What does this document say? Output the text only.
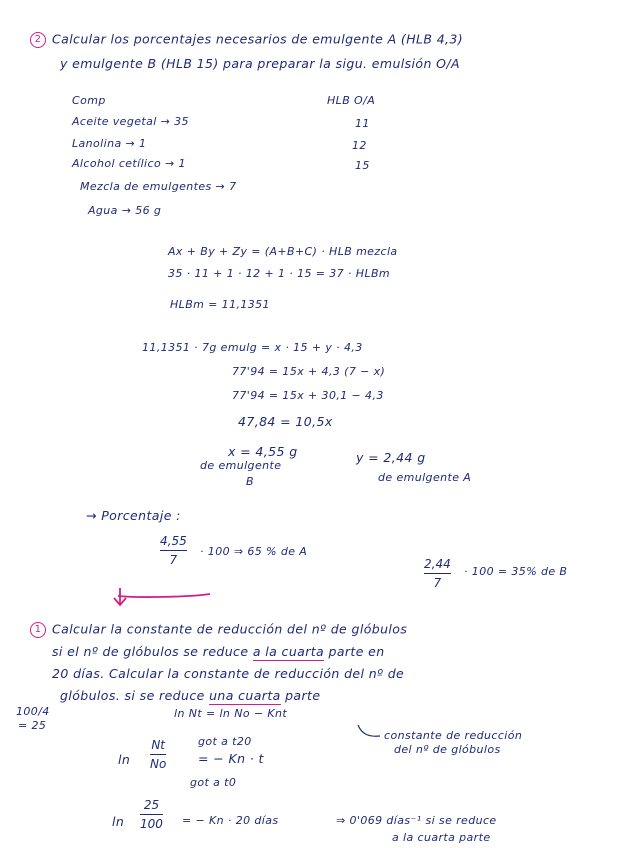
2 Calcular los porcentajes necesarios de emulgente A (HLB 4,3)
y emulgente B (HLB 15) para preparar la sigu. emulsión O/A
Comp	HLB O/A
Aceite vegetal → 35	11
Lanolina → 1	12
Alcohol cetílico → 1	15
Mezcla de emulgentes → 7
Agua → 56 g
Ax + By + Zy = (A+B+C) · HLB mezcla
35 · 11 + 1 · 12 + 1 · 15 = 37 · HLBm
HLBm = 11,1351
11,1351 · 7g emulg = x · 15 + y · 4,3
77'94 = 15x + 4,3 (7 − x)
77'94 = 15x + 30,1 − 4,3
47,84 = 10,5x
x = 4,55 g
de emulgente
B
y = 2,44 g
de emulgente A
→ Porcentaje :
4,55
7
· 100 ⇒ 65 % de A
2,44
7
· 100 = 35% de B
1 Calcular la constante de reducción del nº de glóbulos
si el nº de glóbulos se reduce a la cuarta parte en
20 días. Calcular la constante de reducción del nº de
glóbulos. si se reduce una cuarta parte
100/4
= 25
ln Nt = ln No − Knt
constante de reducción
del nº de glóbulos
ln
Nt
No
got a t20
= − Kn · t
got a t0
ln
25
100 = − Kn · 20 días	⇒ 0'069 días⁻¹ si se reduce
a la cuarta parte
